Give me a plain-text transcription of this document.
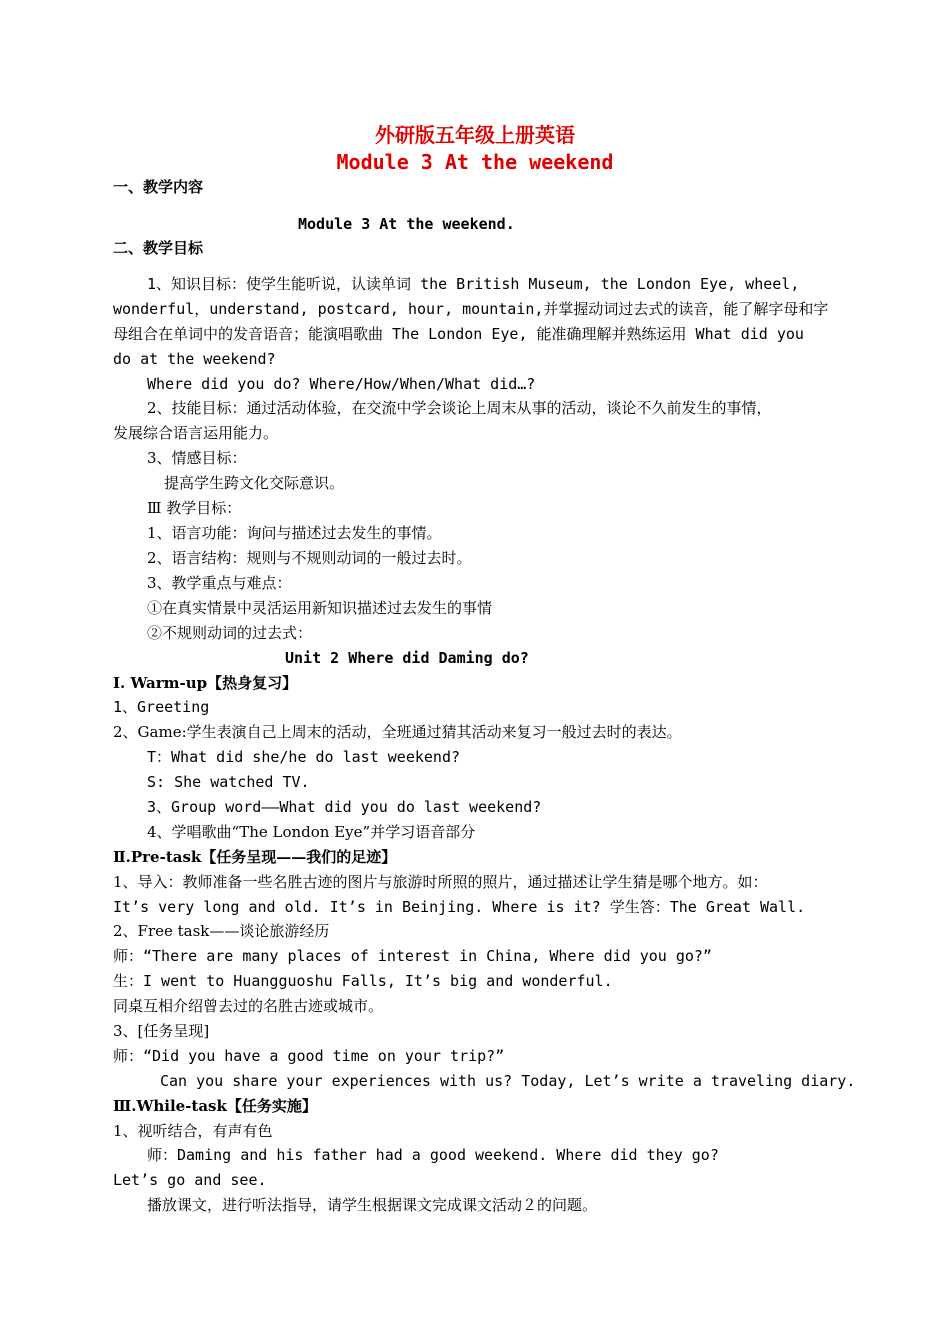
外研版五年级上册英语
Module 3 At the weekend
一、教学内容
Module 3 At the weekend.
二、教学目标
1、知识目标：使学生能听说，认读单词 the British Museum, the London Eye, wheel,
wonderful，understand, postcard, hour, mountain,并掌握动词过去式的读音，能了解字母和字
母组合在单词中的发音语音；能演唱歌曲 The London Eye, 能准确理解并熟练运用 What did you
do at the weekend?
Where did you do? Where/How/When/What did…?
2、技能目标：通过活动体验，在交流中学会谈论上周末从事的活动，谈论不久前发生的事情，
发展综合语言运用能力。
3、情感目标：
提高学生跨文化交际意识。
Ⅲ 教学目标：
1、语言功能：询问与描述过去发生的事情。
2、语言结构：规则与不规则动词的一般过去时。
3、教学重点与难点：
①在真实情景中灵活运用新知识描述过去发生的事情
②不规则动词的过去式：
Unit 2 Where did Daming do?
Ⅰ. Warm-up【热身复习】
1、Greeting
2、Game:学生表演自己上周末的活动，全班通过猜其活动来复习一般过去时的表达。
T：What did she/he do last weekend?
S: She watched TV.
3、Group word——What did you do last weekend?
4、学唱歌曲“The London Eye”并学习语音部分
Ⅱ.Pre-task【任务呈现——我们的足迹】
1、导入：教师准备一些名胜古迹的图片与旅游时所照的照片，通过描述让学生猜是哪个地方。如：
It’s very long and old. It’s in Beinjing. Where is it? 学生答：The Great Wall.
2、Free task——谈论旅游经历
师：“There are many places of interest in China, Where did you go?”
生：I went to Huangguoshu Falls, It’s big and wonderful.
同桌互相介绍曾去过的名胜古迹或城市。
3、[任务呈现]
师：“Did you have a good time on your trip?”
Can you share your experiences with us? Today, Let’s write a traveling diary.
Ⅲ.While-task【任务实施】
1、视听结合，有声有色
师：Daming and his father had a good weekend. Where did they go?
Let’s go and see.
播放课文，进行听法指导，请学生根据课文完成课文活动２的问题。
